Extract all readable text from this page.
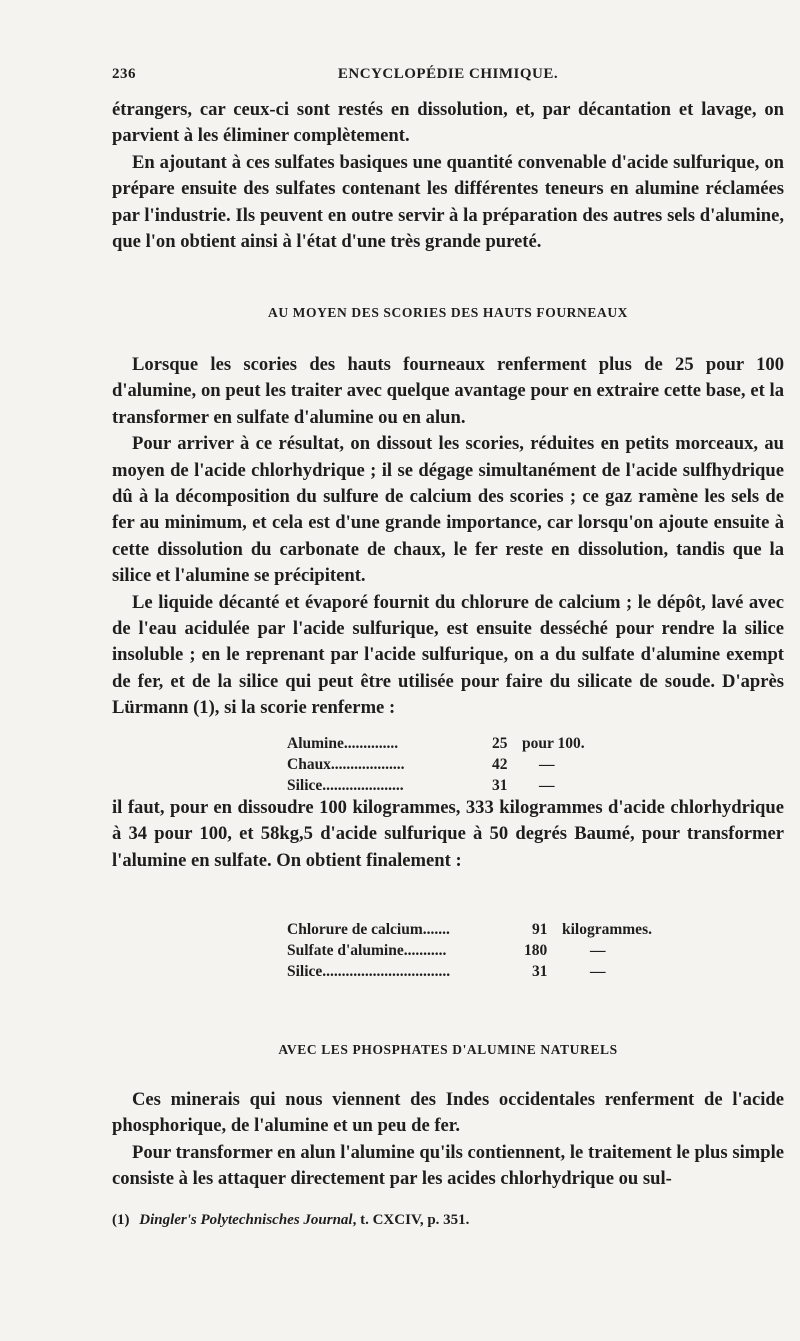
236	ENCYCLOPÉDIE CHIMIQUE.

étrangers, car ceux-ci sont restés en dissolution, et, par décantation et lavage, on parvient à les éliminer complètement.

En ajoutant à ces sulfates basiques une quantité convenable d'acide sulfurique, on prépare ensuite des sulfates contenant les différentes teneurs en alumine réclamées par l'industrie. Ils peuvent en outre servir à la préparation des autres sels d'alumine, que l'on obtient ainsi à l'état d'une très grande pureté.

AU MOYEN DES SCORIES DES HAUTS FOURNEAUX

Lorsque les scories des hauts fourneaux renferment plus de 25 pour 100 d'alumine, on peut les traiter avec quelque avantage pour en extraire cette base, et la transformer en sulfate d'alumine ou en alun.

Pour arriver à ce résultat, on dissout les scories, réduites en petits morceaux, au moyen de l'acide chlorhydrique ; il se dégage simultanément de l'acide sulfhydrique dû à la décomposition du sulfure de calcium des scories ; ce gaz ramène les sels de fer au minimum, et cela est d'une grande importance, car lorsqu'on ajoute ensuite à cette dissolution du carbonate de chaux, le fer reste en dissolution, tandis que la silice et l'alumine se précipitent.

Le liquide décanté et évaporé fournit du chlorure de calcium ; le dépôt, lavé avec de l'eau acidulée par l'acide sulfurique, est ensuite desséché pour rendre la silice insoluble ; en le reprenant par l'acide sulfurique, on a du sulfate d'alumine exempt de fer, et de la silice qui peut être utilisée pour faire du silicate de soude. D'après Lürmann (1), si la scorie renferme :

Alumine..............	25 pour 100.
Chaux...................	42 —
Silice.....................	31 —

il faut, pour en dissoudre 100 kilogrammes, 333 kilogrammes d'acide chlorhydrique à 34 pour 100, et 58kg,5 d'acide sulfurique à 50 degrés Baumé, pour transformer l'alumine en sulfate. On obtient finalement :

Chlorure de calcium.......	91 kilogrammes.
Sulfate d'alumine...........	180	—
Silice.................................	31	—
AVEC LES PHOSPHATES D'ALUMINE NATURELS

Ces minerais qui nous viennent des Indes occidentales renferment de l'acide phosphorique, de l'alumine et un peu de fer.

Pour transformer en alun l'alumine qu'ils contiennent, le traitement le plus simple consiste à les attaquer directement par les acides chlorhydrique ou sul-

(1) Dingler's Polytechnisches Journal, t. CXCIV, p. 351.
